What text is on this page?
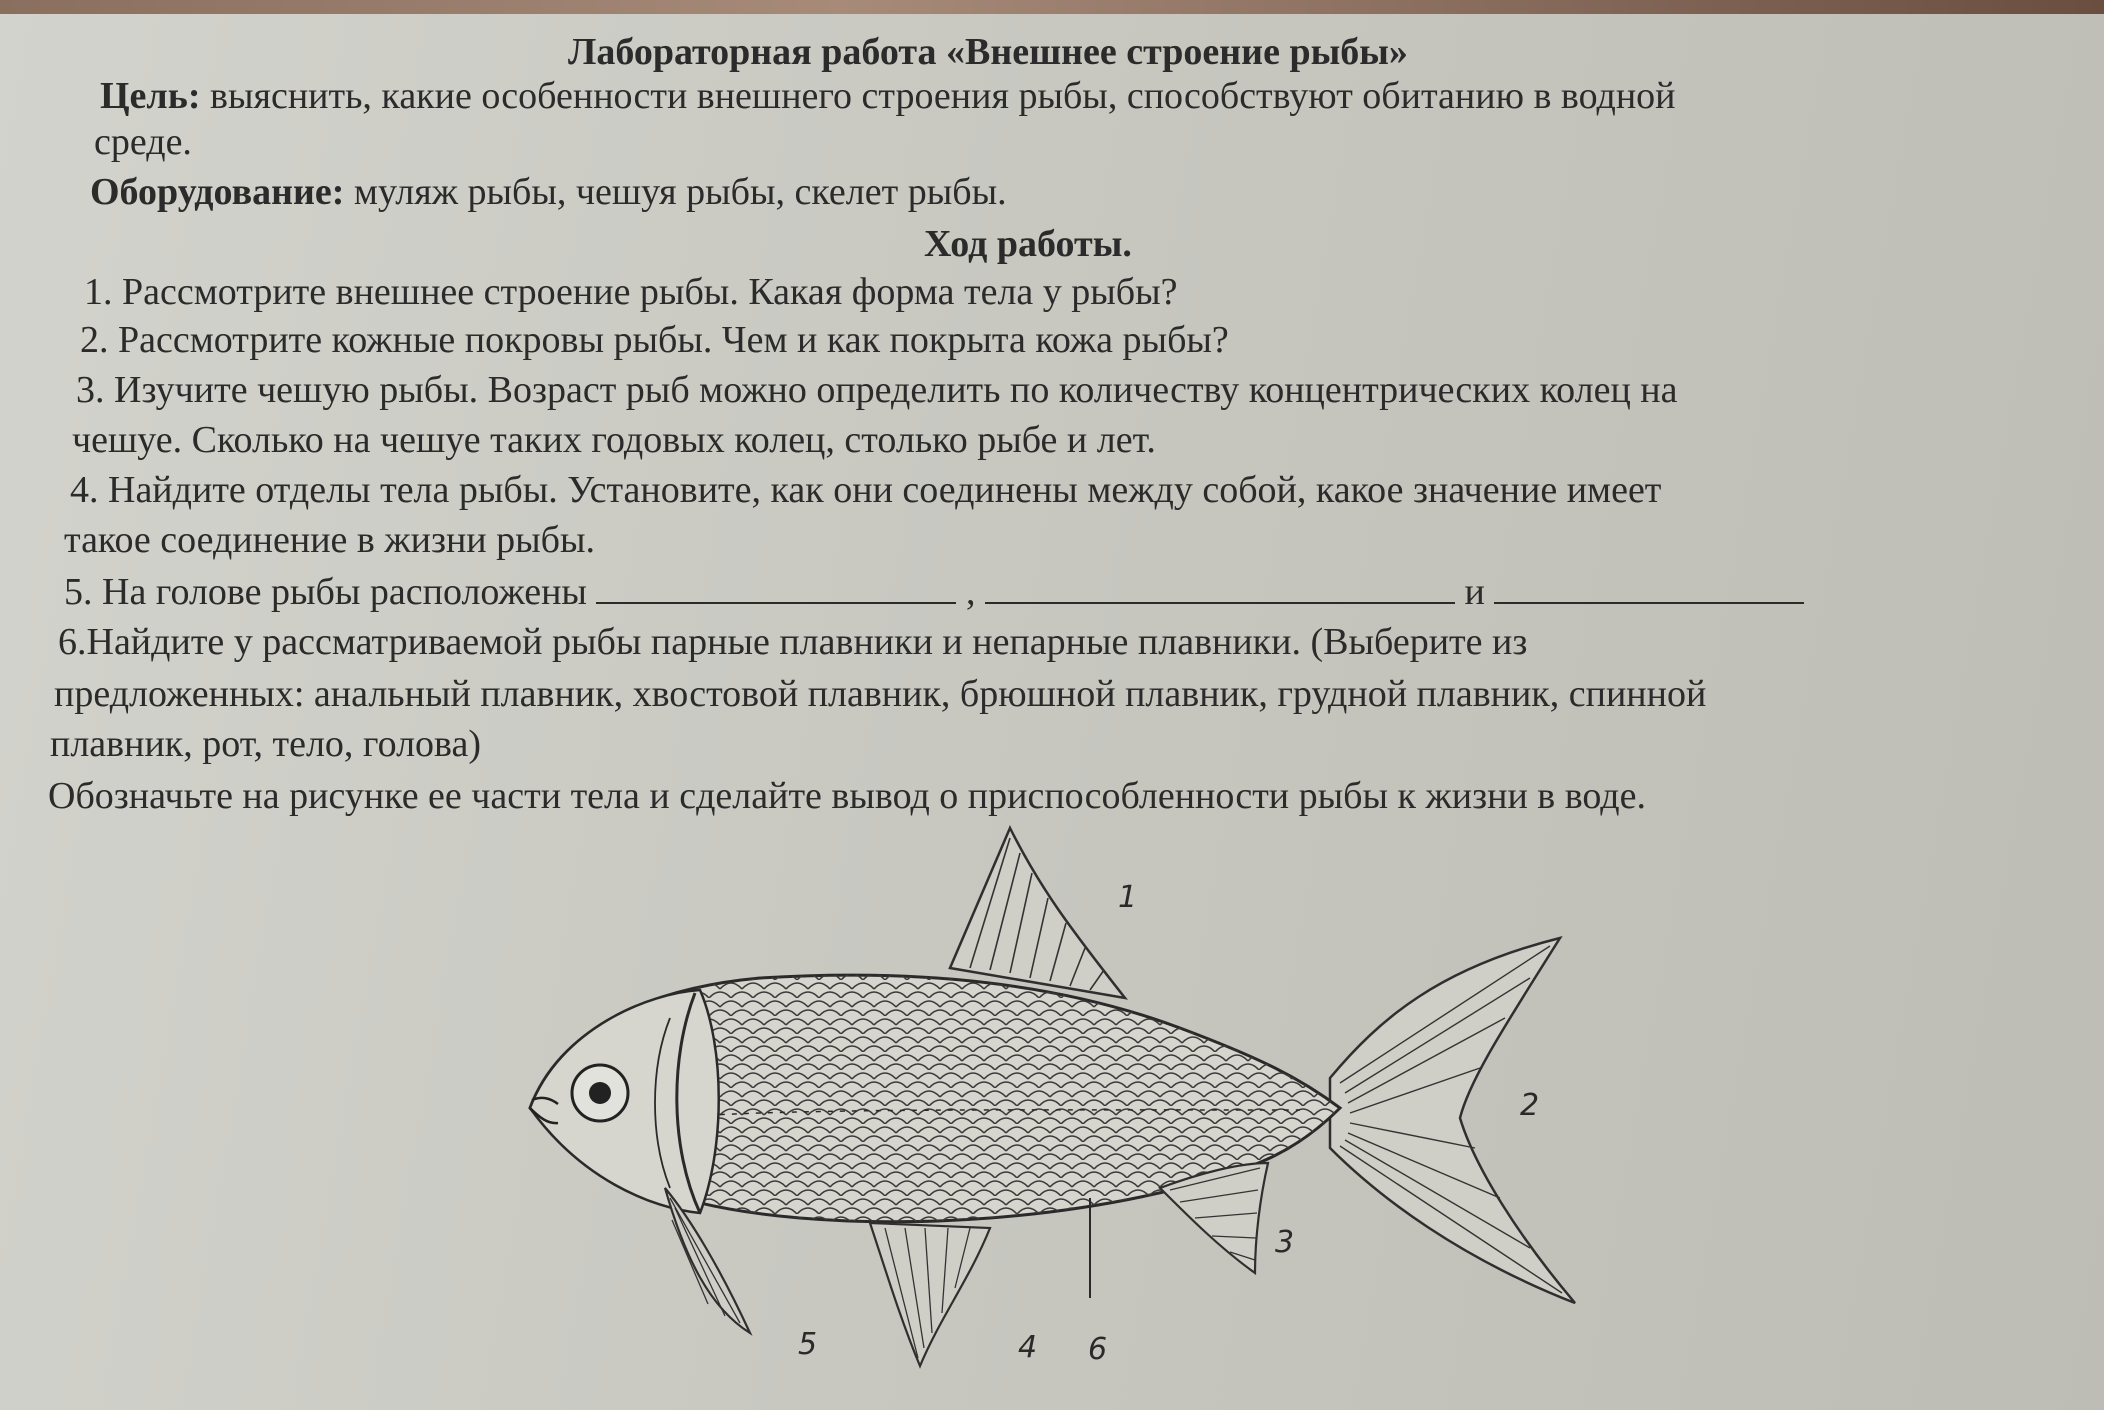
Лабораторная работа «Внешнее строение рыбы»
Цель: выяснить, какие особенности внешнего строения рыбы, способствуют обитанию в водной
среде.
Оборудование: муляж рыбы, чешуя рыбы, скелет рыбы.
Ход работы.
1. Рассмотрите внешнее строение рыбы. Какая форма тела у рыбы?
2. Рассмотрите кожные покровы рыбы. Чем и как покрыта кожа рыбы?
3. Изучите чешую рыбы. Возраст рыб можно определить по количеству концентрических колец на
чешуе. Сколько на чешуе таких годовых колец, столько рыбе и лет.
4. Найдите отделы тела рыбы. Установите, как они соединены между собой, какое значение имеет
такое соединение в жизни рыбы.
5. На голове рыбы расположены	,	и
6.Найдите у рассматриваемой рыбы парные плавники и непарные плавники. (Выберите из
предложенных: анальный плавник, хвостовой плавник, брюшной плавник, грудной плавник, спинной
плавник, рот, тело, голова)
Обозначьте на рисунке ее части тела и сделайте вывод о приспособленности рыбы к жизни в воде.
1
2
3
4
5	6
